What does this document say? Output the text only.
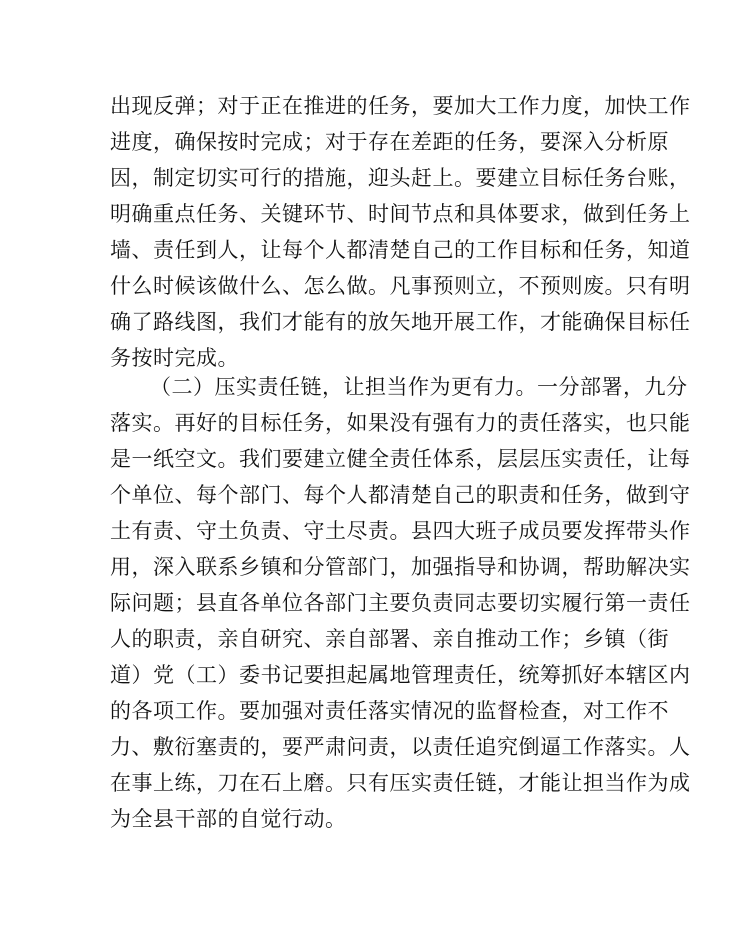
出现反弹；对于正在推进的任务，要加大工作力度，加快工作
进度，确保按时完成；对于存在差距的任务，要深入分析原
因，制定切实可行的措施，迎头赶上。要建立目标任务台账，
明确重点任务、关键环节、时间节点和具体要求，做到任务上
墙、责任到人，让每个人都清楚自己的工作目标和任务，知道
什么时候该做什么、怎么做。凡事预则立，不预则废。只有明
确了路线图，我们才能有的放矢地开展工作，才能确保目标任
务按时完成。
（二）压实责任链，让担当作为更有力。一分部署，九分
落实。再好的目标任务，如果没有强有力的责任落实，也只能
是一纸空文。我们要建立健全责任体系，层层压实责任，让每
个单位、每个部门、每个人都清楚自己的职责和任务，做到守
土有责、守土负责、守土尽责。县四大班子成员要发挥带头作
用，深入联系乡镇和分管部门，加强指导和协调，帮助解决实
际问题；县直各单位各部门主要负责同志要切实履行第一责任
人的职责，亲自研究、亲自部署、亲自推动工作；乡镇（街
道）党（工）委书记要担起属地管理责任，统筹抓好本辖区内
的各项工作。要加强对责任落实情况的监督检查，对工作不
力、敷衍塞责的，要严肃问责，以责任追究倒逼工作落实。人
在事上练，刀在石上磨。只有压实责任链，才能让担当作为成
为全县干部的自觉行动。
